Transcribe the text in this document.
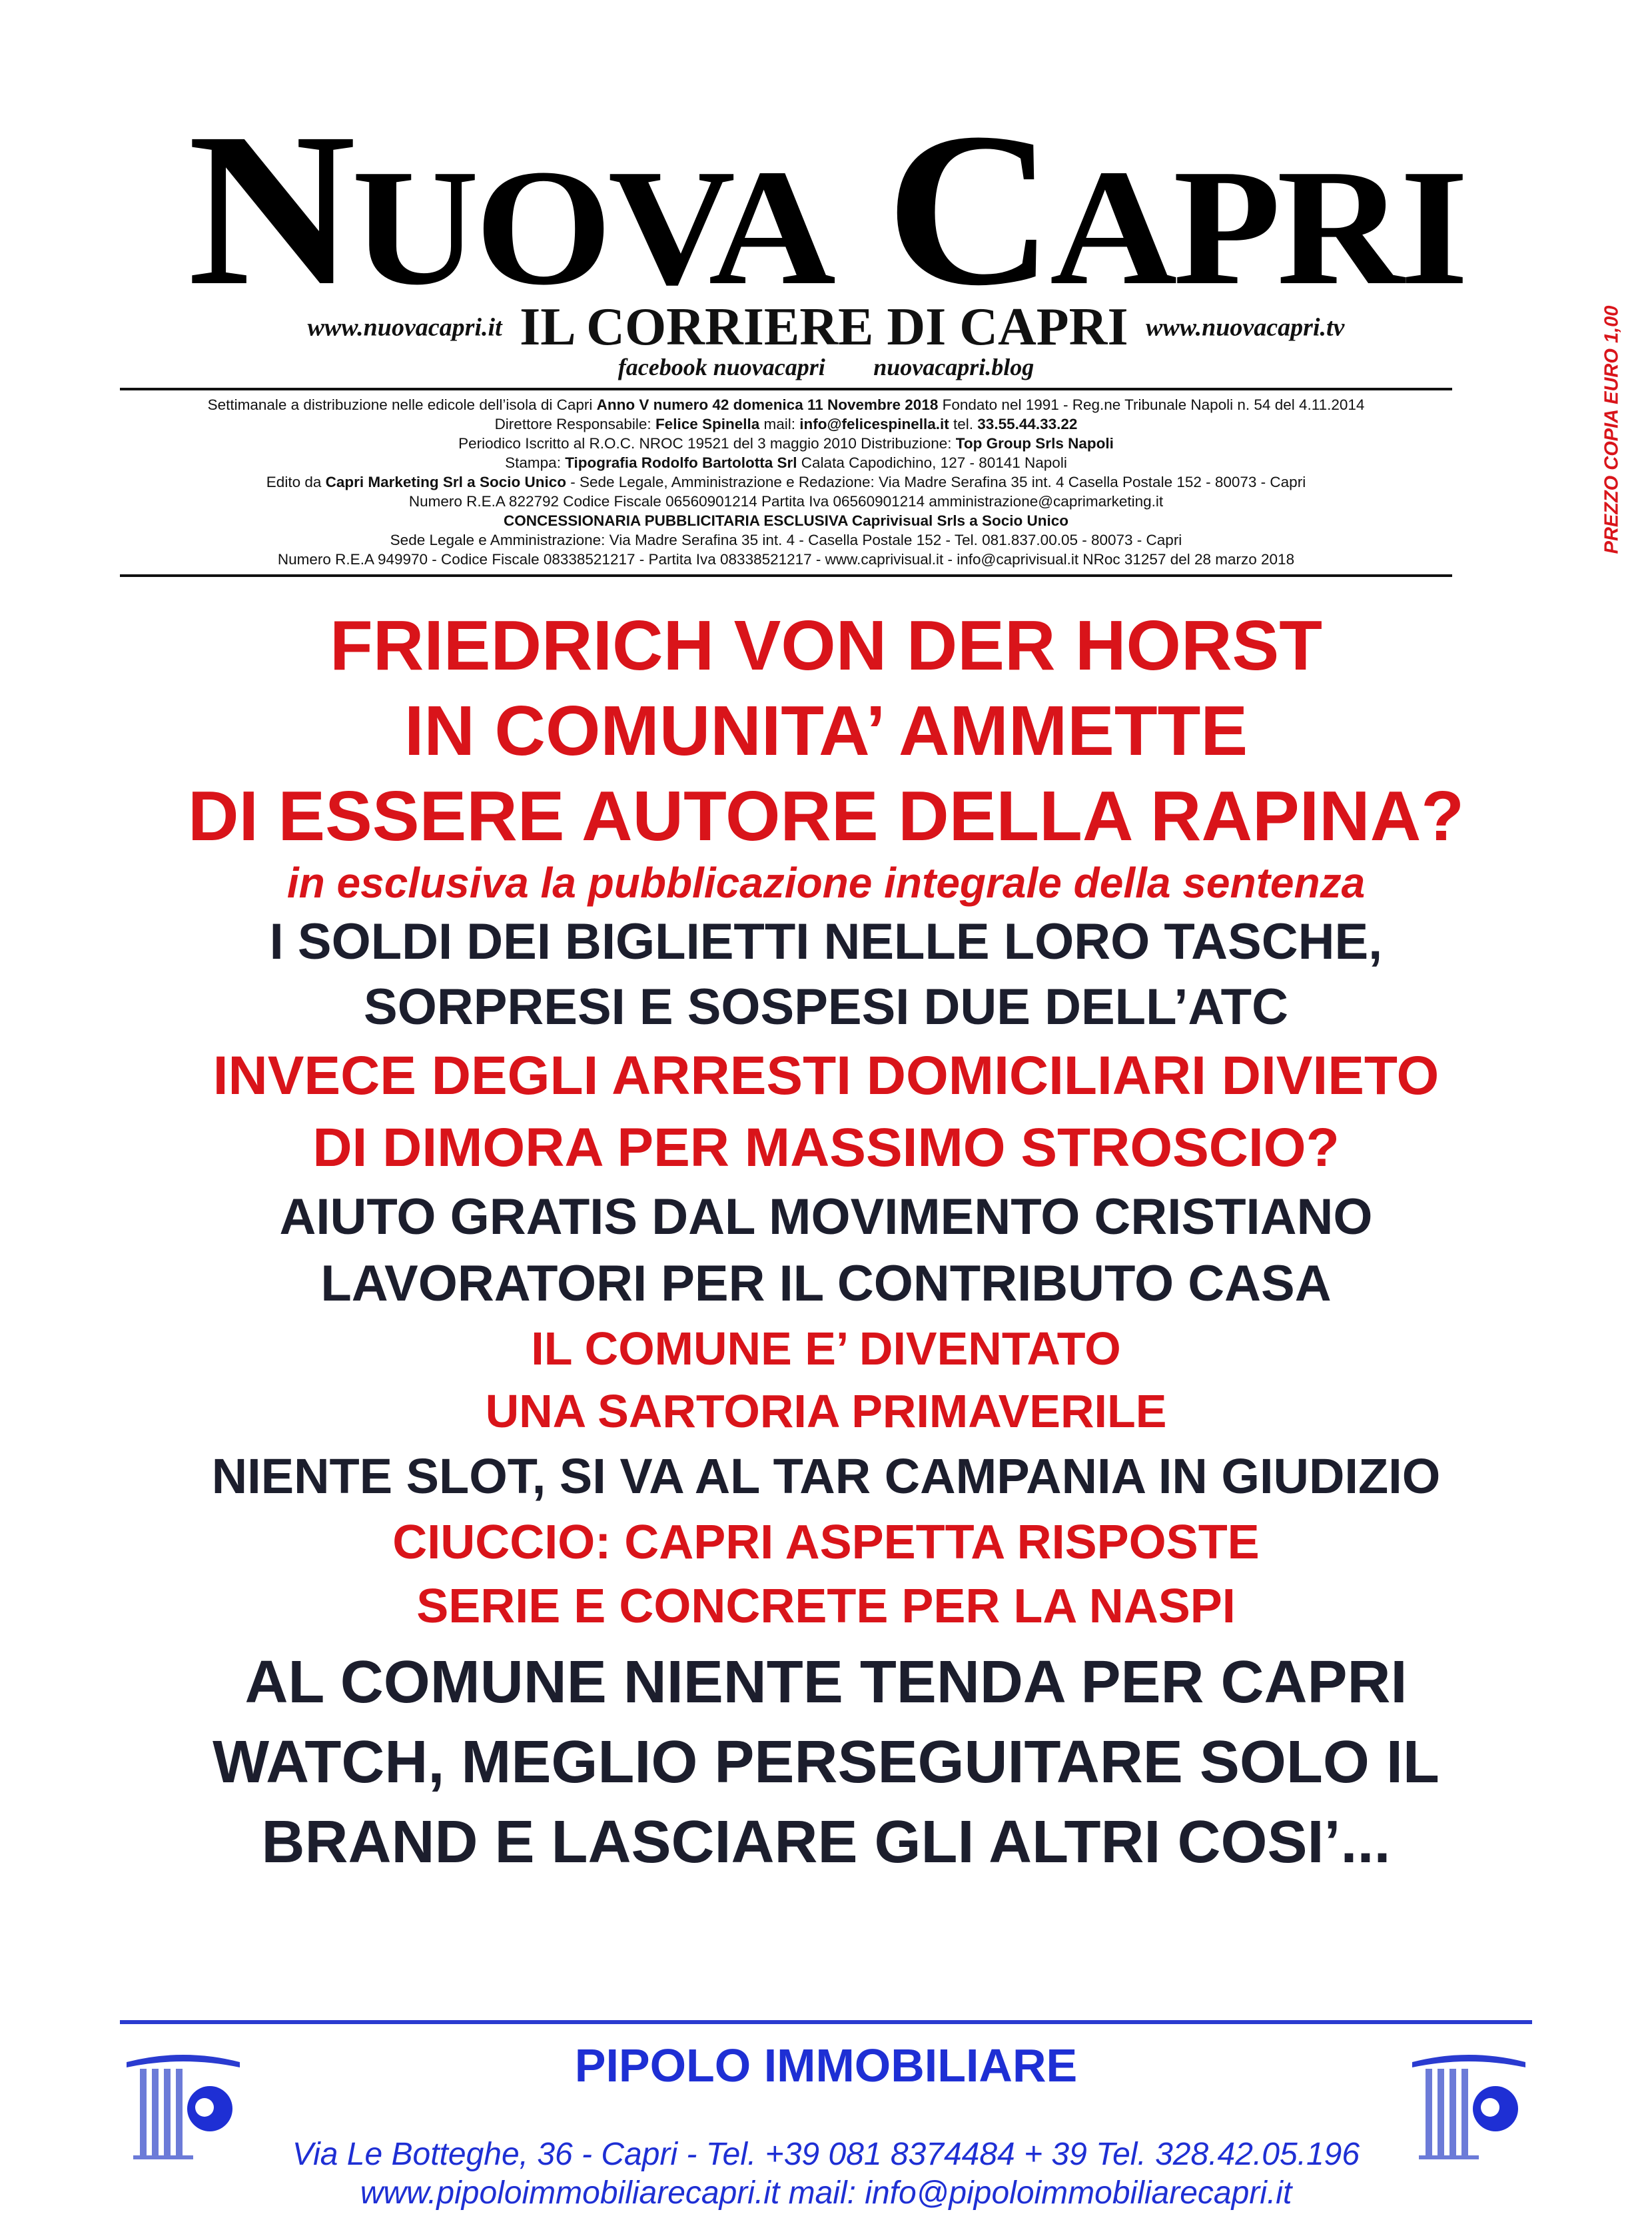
NUOVA CAPRI
www.nuovacapri.it IL CORRIERE DI CAPRI www.nuovacapri.tv
facebook nuovacapri nuovacapri.blog
Settimanale a distribuzione nelle edicole dell’isola di Capri Anno V numero 42 domenica 11 Novembre 2018 Fondato nel 1991 - Reg.ne Tribunale Napoli n. 54 del 4.11.2014
Direttore Responsabile: Felice Spinella mail: info@felicespinella.it tel. 33.55.44.33.22
Periodico Iscritto al R.O.C. NROC 19521 del 3 maggio 2010 Distribuzione: Top Group Srls Napoli
Stampa: Tipografia Rodolfo Bartolotta Srl Calata Capodichino, 127 - 80141 Napoli
Edito da Capri Marketing Srl a Socio Unico - Sede Legale, Amministrazione e Redazione: Via Madre Serafina 35 int. 4 Casella Postale 152 - 80073 - Capri
Numero R.E.A 822792 Codice Fiscale 06560901214 Partita Iva 06560901214 amministrazione@caprimarketing.it
CONCESSIONARIA PUBBLICITARIA ESCLUSIVA Caprivisual Srls a Socio Unico
Sede Legale e Amministrazione: Via Madre Serafina 35 int. 4 - Casella Postale 152 - Tel. 081.837.00.05 - 80073 - Capri
Numero R.E.A 949970 - Codice Fiscale 08338521217 - Partita Iva 08338521217 - www.caprivisual.it - info@caprivisual.it NRoc 31257 del 28 marzo 2018
PREZZO COPIA EURO 1,00
FRIEDRICH VON DER HORST
IN COMUNITA’ AMMETTE
DI ESSERE AUTORE DELLA RAPINA?
in esclusiva la pubblicazione integrale della sentenza
I SOLDI DEI BIGLIETTI NELLE LORO TASCHE,
SORPRESI E SOSPESI DUE DELL’ATC
INVECE DEGLI ARRESTI DOMICILIARI DIVIETO
DI DIMORA PER MASSIMO STROSCIO?
AIUTO GRATIS DAL MOVIMENTO CRISTIANO
LAVORATORI PER IL CONTRIBUTO CASA
IL COMUNE E’ DIVENTATO
UNA SARTORIA PRIMAVERILE
NIENTE SLOT, SI VA AL TAR CAMPANIA IN GIUDIZIO
CIUCCIO: CAPRI ASPETTA RISPOSTE
SERIE E CONCRETE PER LA NASPI
AL COMUNE NIENTE TENDA PER CAPRI
WATCH, MEGLIO PERSEGUITARE SOLO IL
BRAND E LASCIARE GLI ALTRI COSI’...
PIPOLO IMMOBILIARE
Via Le Botteghe, 36 - Capri - Tel. +39 081 8374484 + 39 Tel. 328.42.05.196
www.pipoloimmobiliarecapri.it mail: info@pipoloimmobiliarecapri.it
